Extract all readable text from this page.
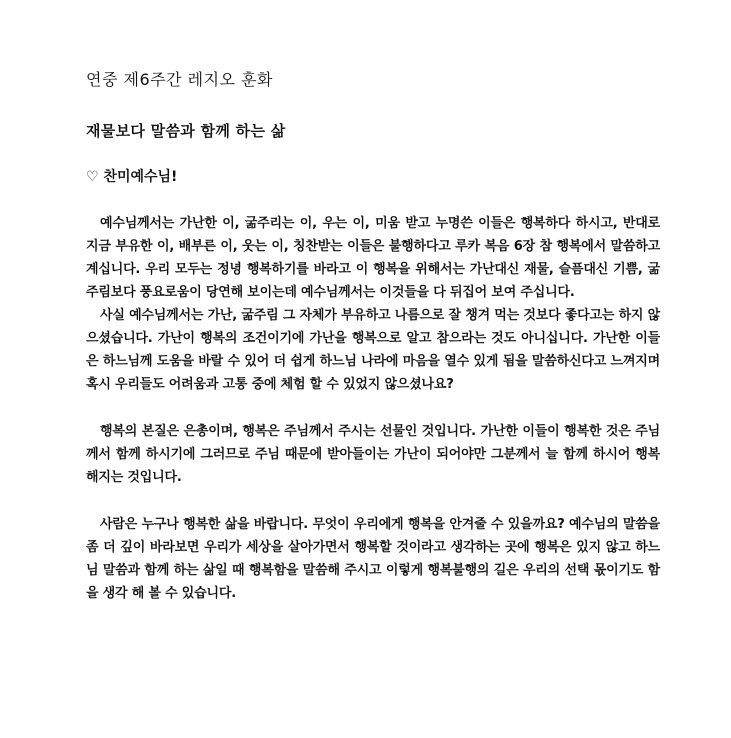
연중 제6주간 레지오 훈화
재물보다 말씀과 함께 하는 삶

♡ 찬미예수님!

예수님께서는 가난한 이, 굶주리는 이, 우는 이, 미움 받고 누명쓴 이들은 행복하다 하시고, 반대로 지금 부유한 이, 배부른 이, 웃는 이, 칭찬받는 이들은 불행하다고 루카 복음 6장 참 행복에서 말씀하고 계십니다. 우리 모두는 정녕 행복하기를 바라고 이 행복을 위해서는 가난대신 재물, 슬픔대신 기쁨, 굶주림보다 풍요로움이 당연해 보이는데 예수님께서는 이것들을 다 뒤집어 보여 주십니다.

사실 예수님께서는 가난, 굶주림 그 자체가 부유하고 나름으로 잘 챙겨 먹는 것보다 좋다고는 하지 않으셨습니다. 가난이 행복의 조건이기에 가난을 행복으로 알고 참으라는 것도 아니십니다. 가난한 이들은 하느님께 도움을 바랄 수 있어 더 쉽게 하느님 나라에 마음을 열수 있게 됨을 말씀하신다고 느껴지며 혹시 우리들도 어려움과 고통 중에 체험 할 수 있었지 않으셨나요?

행복의 본질은 은총이며, 행복은 주님께서 주시는 선물인 것입니다. 가난한 이들이 행복한 것은 주님께서 함께 하시기에 그러므로 주님 때문에 받아들이는 가난이 되어야만 그분께서 늘 함께 하시어 행복해지는 것입니다.

사람은 누구나 행복한 삶을 바랍니다. 무엇이 우리에게 행복을 안겨줄 수 있을까요? 예수님의 말씀을 좀 더 깊이 바라보면 우리가 세상을 살아가면서 행복할 것이라고 생각하는 곳에 행복은 있지 않고 하느님 말씀과 함께 하는 삶일 때 행복함을 말씀해 주시고 이렇게 행복불행의 길은 우리의 선택 몫이기도 함을 생각 해 볼 수 있습니다.
